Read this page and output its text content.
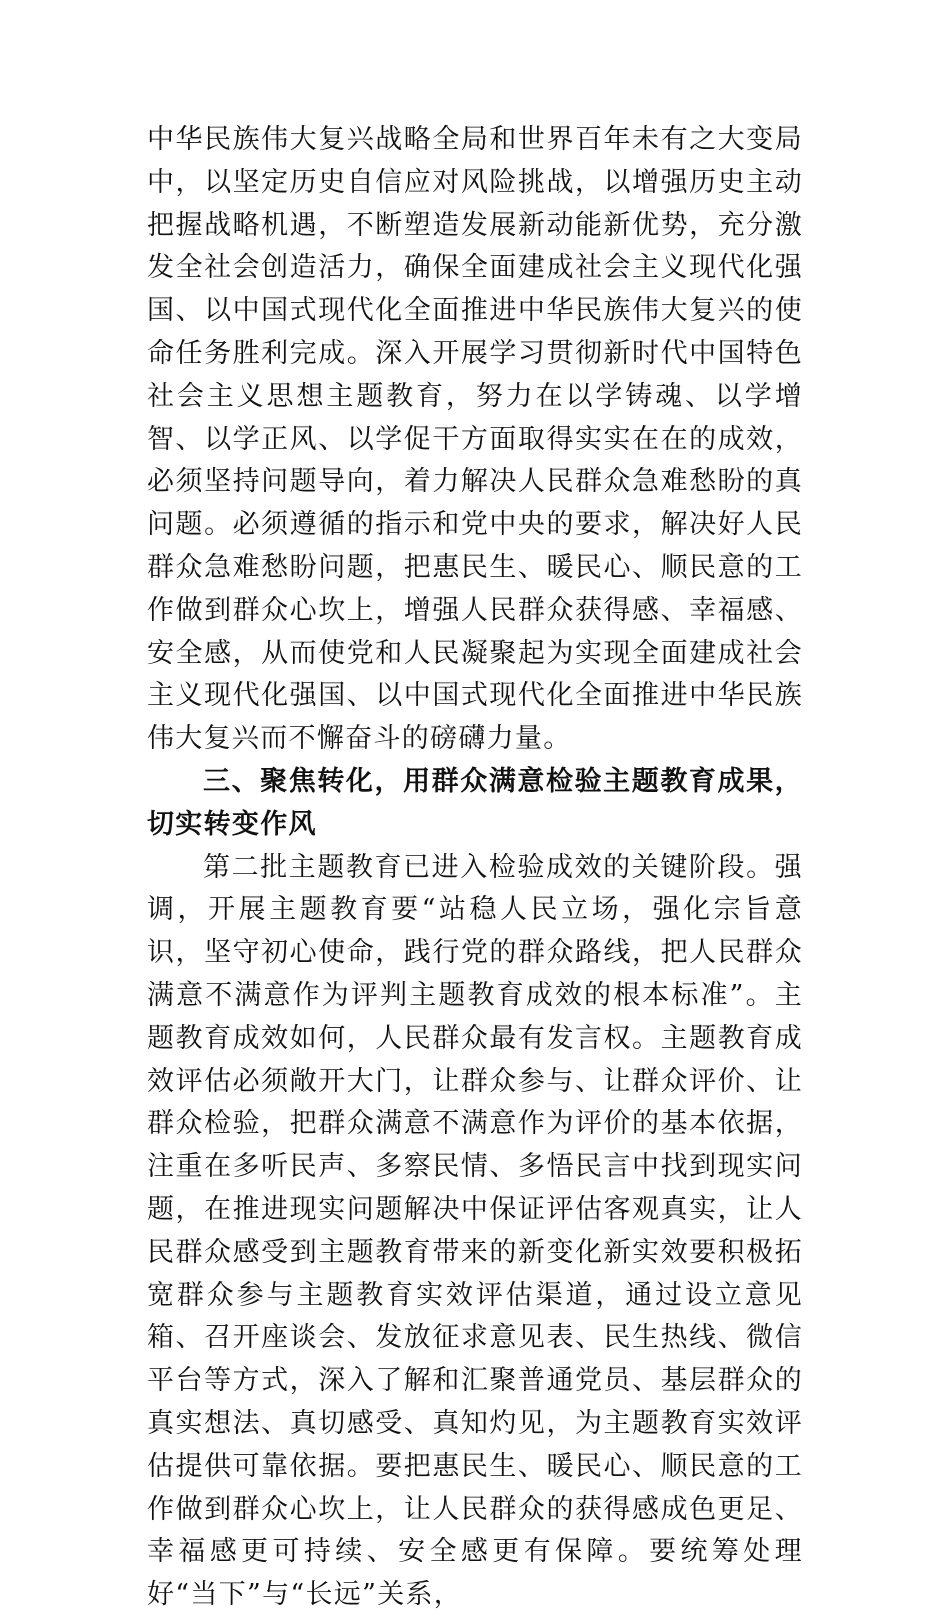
中华民族伟大复兴战略全局和世界百年未有之大变局中，以坚定历史自信应对风险挑战，以增强历史主动把握战略机遇，不断塑造发展新动能新优势，充分激发全社会创造活力，确保全面建成社会主义现代化强国、以中国式现代化全面推进中华民族伟大复兴的使命任务胜利完成。深入开展学习贯彻新时代中国特色社会主义思想主题教育，努力在以学铸魂、以学增智、以学正风、以学促干方面取得实实在在的成效，必须坚持问题导向，着力解决人民群众急难愁盼的真问题。必须遵循的指示和党中央的要求，解决好人民群众急难愁盼问题，把惠民生、暖民心、顺民意的工作做到群众心坎上，增强人民群众获得感、幸福感、安全感，从而使党和人民凝聚起为实现全面建成社会主义现代化强国、以中国式现代化全面推进中华民族伟大复兴而不懈奋斗的磅礴力量。

三、聚焦转化，用群众满意检验主题教育成果，切实转变作风

第二批主题教育已进入检验成效的关键阶段。强调，开展主题教育要“站稳人民立场，强化宗旨意识，坚守初心使命，践行党的群众路线，把人民群众满意不满意作为评判主题教育成效的根本标准”。主题教育成效如何，人民群众最有发言权。主题教育成效评估必须敞开大门，让群众参与、让群众评价、让群众检验，把群众满意不满意作为评价的基本依据，注重在多听民声、多察民情、多悟民言中找到现实问题，在推进现实问题解决中保证评估客观真实，让人民群众感受到主题教育带来的新变化新实效要积极拓宽群众参与主题教育实效评估渠道，通过设立意见箱、召开座谈会、发放征求意见表、民生热线、微信平台等方式，深入了解和汇聚普通党员、基层群众的真实想法、真切感受、真知灼见，为主题教育实效评估提供可靠依据。要把惠民生、暖民心、顺民意的工作做到群众心坎上，让人民群众的获得感成色更足、幸福感更可持续、安全感更有保障。要统筹处理好“当下”与“长远”关系，
